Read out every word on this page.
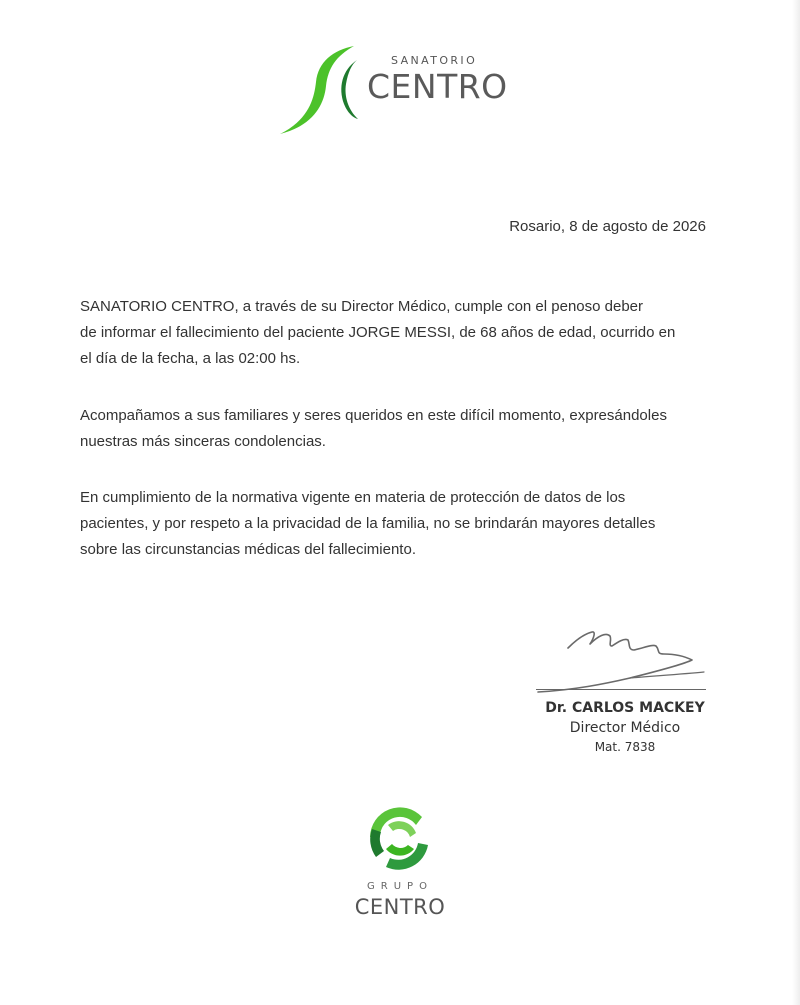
SANATORIO
CENTRO
Rosario, 8 de agosto de 2026
SANATORIO CENTRO, a través de su Director Médico, cumple con el penoso deber
de informar el fallecimiento del paciente JORGE MESSI, de 68 años de edad, ocurrido en
el día de la fecha, a las 02:00 hs.
Acompañamos a sus familiares y seres queridos en este difícil momento, expresándoles
nuestras más sinceras condolencias.
En cumplimiento de la normativa vigente en materia de protección de datos de los
pacientes, y por respeto a la privacidad de la familia, no se brindarán mayores detalles
sobre las circunstancias médicas del fallecimiento.
Dr. CARLOS MACKEY
Director Médico
Mat. 7838
GRUPO
CENTRO
